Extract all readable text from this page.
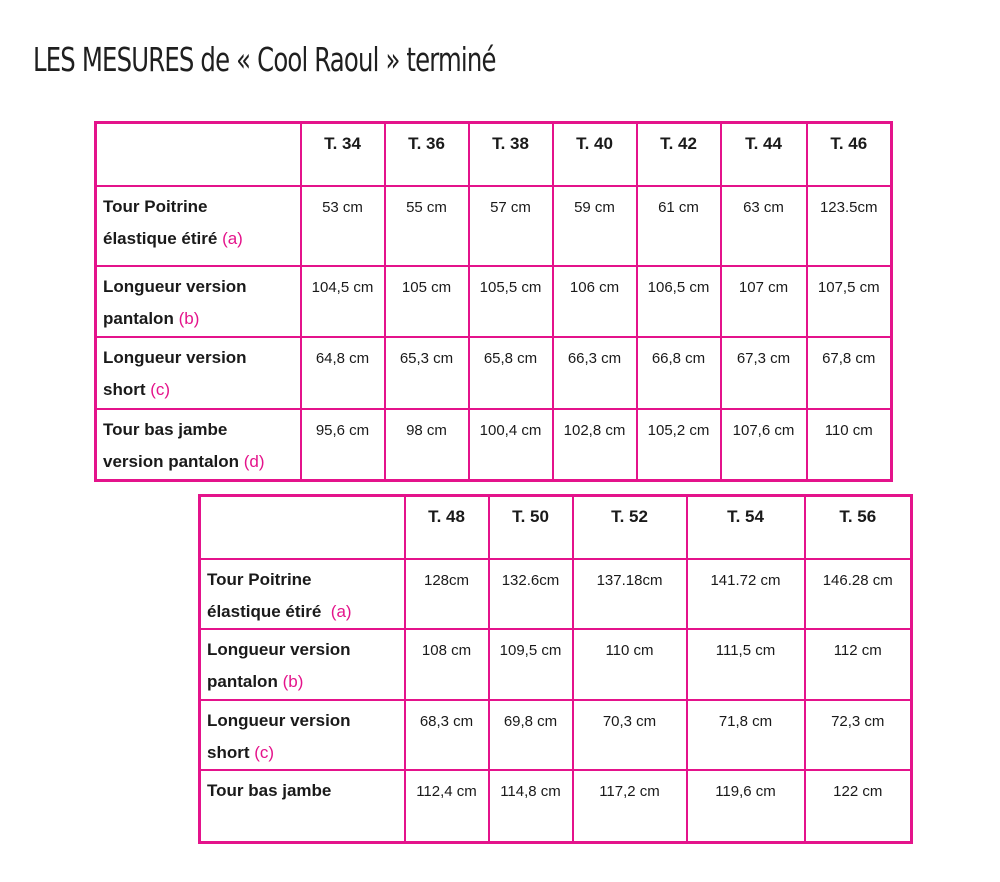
LES MESURES de « Cool Raoul » terminé
	T. 34	T. 36	T. 38	T. 40	T. 42	T. 44	T. 46
Tour Poitrine
élastique étiré (a)	53 cm	55 cm	57 cm	59 cm	61 cm	63 cm	123.5cm
Longueur version
pantalon (b)	104,5 cm	105 cm	105,5 cm	106 cm	106,5 cm	107 cm	107,5 cm
Longueur version
short (c)	64,8 cm	65,3 cm	65,8 cm	66,3 cm	66,8 cm	67,3 cm	67,8 cm
Tour bas jambe
version pantalon (d)	95,6 cm	98 cm	100,4 cm	102,8 cm	105,2 cm	107,6 cm	110 cm
	T. 48	T. 50	T. 52	T. 54	T. 56
Tour Poitrine
élastique étiré (a)	128cm	132.6cm	137.18cm	141.72 cm	146.28 cm
Longueur version
pantalon (b)	108 cm	109,5 cm	110 cm	111,5 cm	112 cm
Longueur version
short (c)	68,3 cm	69,8 cm	70,3 cm	71,8 cm	72,3 cm
Tour bas jambe	112,4 cm	114,8 cm	117,2 cm	119,6 cm	122 cm
